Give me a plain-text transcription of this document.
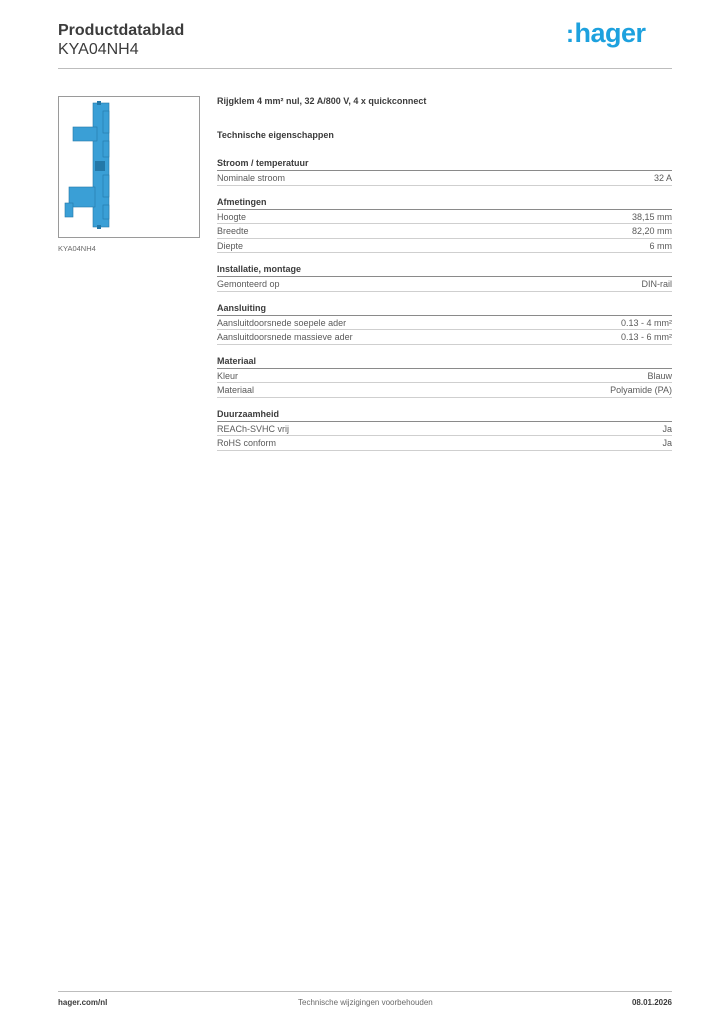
Productdatablad
KYA04NH4
:hager
KYA04NH4
Rijgklem 4 mm² nul, 32 A/800 V, 4 x quickconnect
Technische eigenschappen
Stroom / temperatuur
Nominale stroom	32 A
Afmetingen
Hoogte	38,15 mm
Breedte	82,20 mm
Diepte	6 mm
Installatie, montage
Gemonteerd op	DIN-rail
Aansluiting
Aansluitdoorsnede soepele ader	0.13 - 4 mm²
Aansluitdoorsnede massieve ader	0.13 - 6 mm²
Materiaal
Kleur	Blauw
Materiaal	Polyamide (PA)
Duurzaamheid
REACh-SVHC vrij	Ja
RoHS conform	Ja
hager.com/nl	Technische wijzigingen voorbehouden	08.01.2026
